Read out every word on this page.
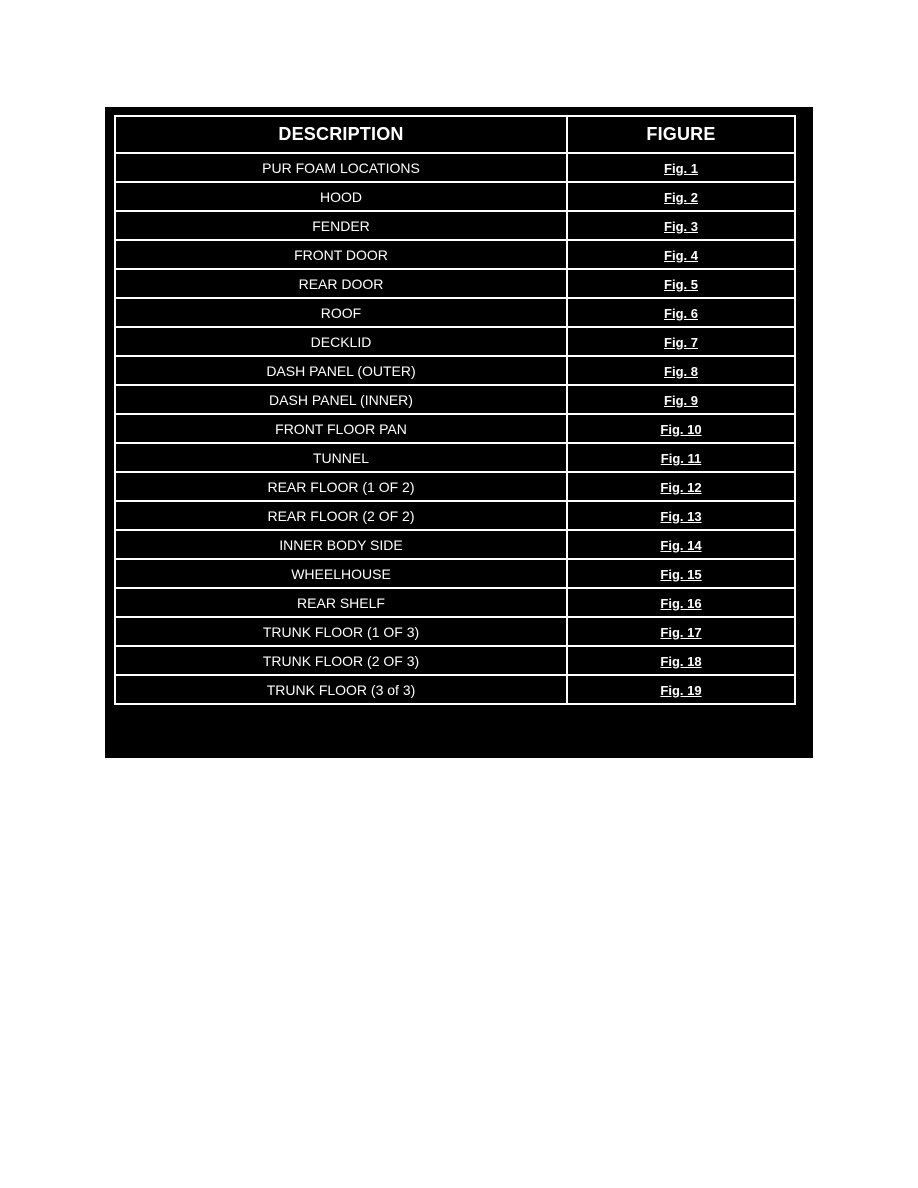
DESCRIPTION	FIGURE
PUR FOAM LOCATIONS	Fig. 1
HOOD	Fig. 2
FENDER	Fig. 3
FRONT DOOR	Fig. 4
REAR DOOR	Fig. 5
ROOF	Fig. 6
DECKLID	Fig. 7
DASH PANEL (OUTER)	Fig. 8
DASH PANEL (INNER)	Fig. 9
FRONT FLOOR PAN	Fig. 10
TUNNEL	Fig. 11
REAR FLOOR (1 OF 2)	Fig. 12
REAR FLOOR (2 OF 2)	Fig. 13
INNER BODY SIDE	Fig. 14
WHEELHOUSE	Fig. 15
REAR SHELF	Fig. 16
TRUNK FLOOR (1 OF 3)	Fig. 17
TRUNK FLOOR (2 OF 3)	Fig. 18
TRUNK FLOOR (3 of 3)	Fig. 19
